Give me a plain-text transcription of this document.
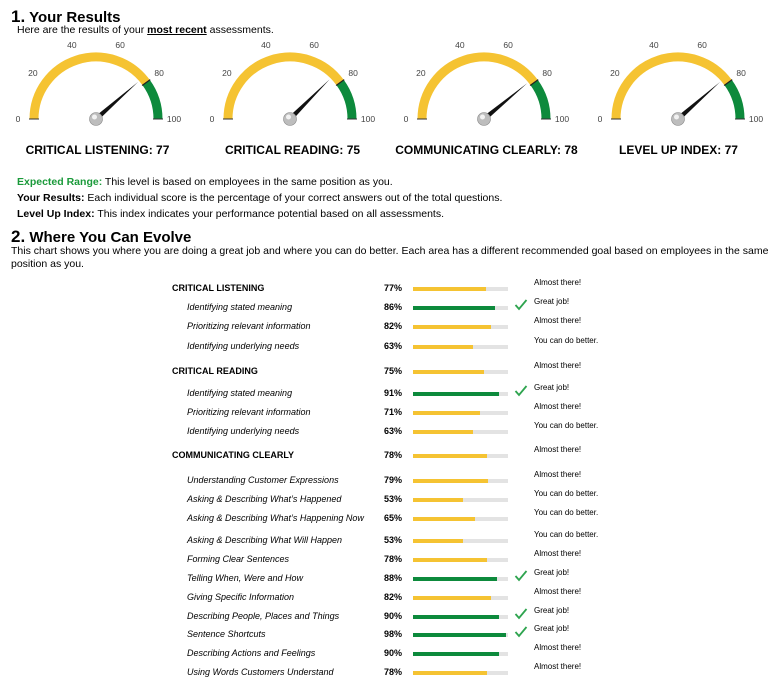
1. Your Results
Here are the results of your most recent assessments.
0
20
40	60
80
100
CRITICAL LISTENING: 77
0
20
40	60
80
100
CRITICAL READING: 75
0
20
40	60
80
100
COMMUNICATING CLEARLY: 78
0
20
40	60
80
100
LEVEL UP INDEX: 77
Expected Range: This level is based on employees in the same position as you.
Your Results: Each individual score is the percentage of your correct answers out of the total questions.
Level Up Index: This index indicates your performance potential based on all assessments.
2. Where You Can Evolve
This chart shows you where you are doing a great job and where you can do better. Each area has a different recommended goal based on employees in the same position as you.
CRITICAL LISTENING	77%
Almost there!
Identifying stated meaning	86%
Great job!
Prioritizing relevant information	82%
Almost there!
Identifying underlying needs	63%
You can do better.
CRITICAL READING	75%
Almost there!
Identifying stated meaning	91%
Great job!
Prioritizing relevant information	71%
Almost there!
Identifying underlying needs	63%
You can do better.
COMMUNICATING CLEARLY	78%
Almost there!
Understanding Customer Expressions	79%
Almost there!
Asking & Describing What’s Happened	53%
You can do better.
Asking & Describing What’s Happening Now 65%
You can do better.
Asking & Describing What Will Happen	53%
You can do better.
Forming Clear Sentences	78%
Almost there!
Telling When, Were and How	88%
Great job!
Giving Specific Information	82%
Almost there!
Describing People, Places and Things	90%
Great job!
Sentence Shortcuts	98%
Great job!
Describing Actions and Feelings	90%
Almost there!
Using Words Customers Understand	78%
Almost there!
